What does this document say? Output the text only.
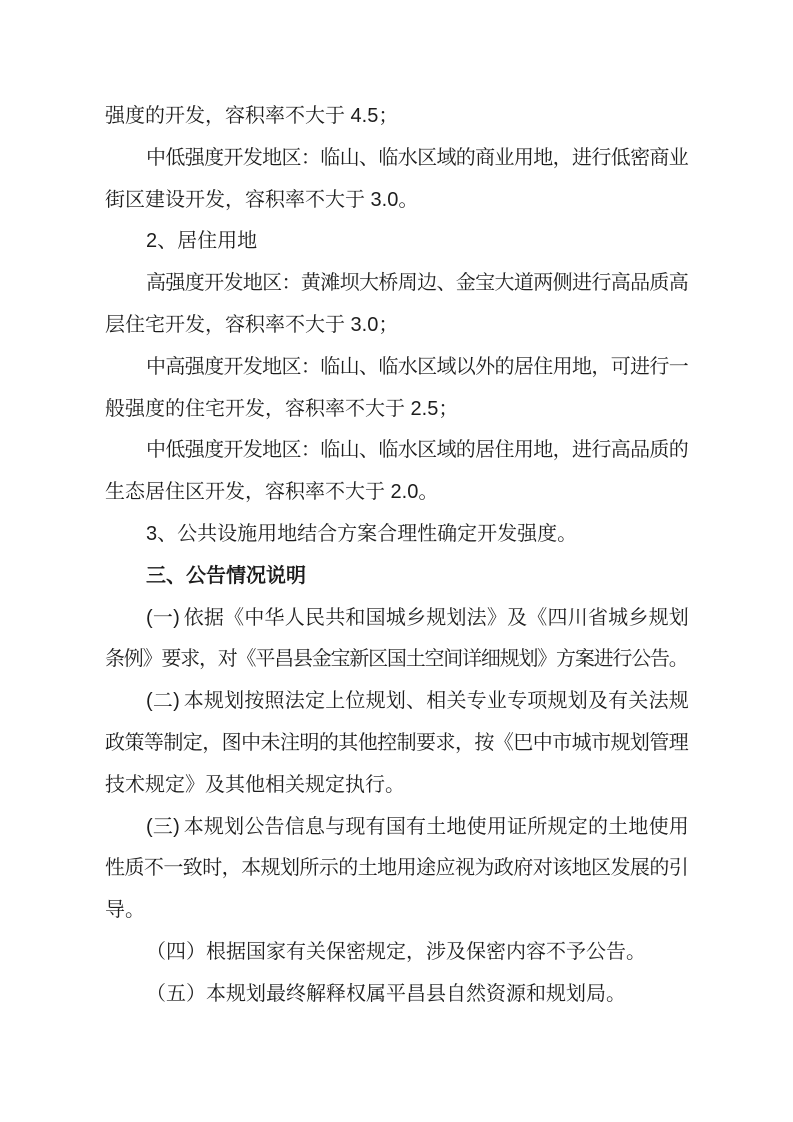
强度的开发，容积率不大于 4.5；
中低强度开发地区：临山、临水区域的商业用地，进行低密商业
街区建设开发，容积率不大于 3.0。
2、居住用地
高强度开发地区：黄滩坝大桥周边、金宝大道两侧进行高品质高
层住宅开发，容积率不大于 3.0；
中高强度开发地区：临山、临水区域以外的居住用地，可进行一
般强度的住宅开发，容积率不大于 2.5；
中低强度开发地区：临山、临水区域的居住用地，进行高品质的
生态居住区开发，容积率不大于 2.0。
3、公共设施用地结合方案合理性确定开发强度。
三、公告情况说明
(一) 依据《中华人民共和国城乡规划法》及《四川省城乡规划
条例》要求，对《平昌县金宝新区国土空间详细规划》方案进行公告。
(二) 本规划按照法定上位规划、相关专业专项规划及有关法规
政策等制定，图中未注明的其他控制要求，按《巴中市城市规划管理
技术规定》及其他相关规定执行。
(三) 本规划公告信息与现有国有土地使用证所规定的土地使用
性质不一致时，本规划所示的土地用途应视为政府对该地区发展的引
导。
（四）根据国家有关保密规定，涉及保密内容不予公告。
（五）本规划最终解释权属平昌县自然资源和规划局。
